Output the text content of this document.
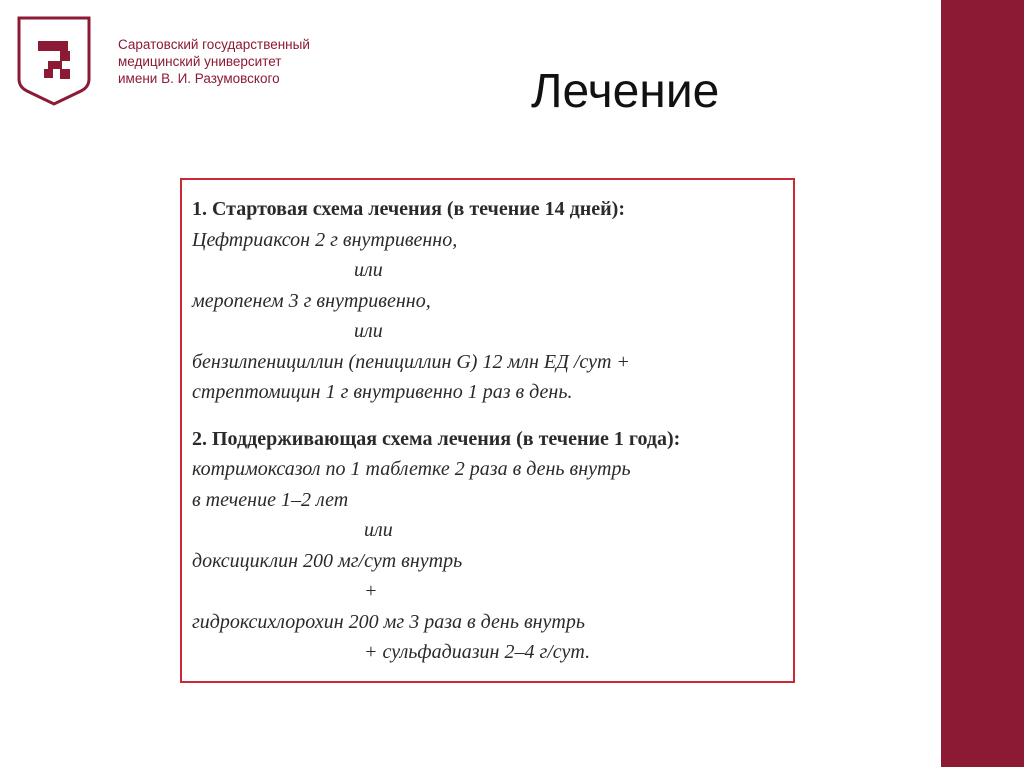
Саратовский государственный
медицинский университет
имени В. И. Разумовского	Лечение
1. Стартовая схема лечения (в течение 14 дней):
Цефтриаксон 2 г внутривенно,
или
меропенем 3 г внутривенно,
или
бензилпенициллин (пенициллин G) 12 млн ЕД /сут +
стрептомицин 1 г внутривенно 1 раз в день.
2. Поддерживающая схема лечения (в течение 1 года):
котримоксазол по 1 таблетке 2 раза в день внутрь
в течение 1–2 лет
или
доксициклин 200 мг/сут внутрь
+
гидроксихлорохин 200 мг 3 раза в день внутрь
+ сульфадиазин 2–4 г/сут.
